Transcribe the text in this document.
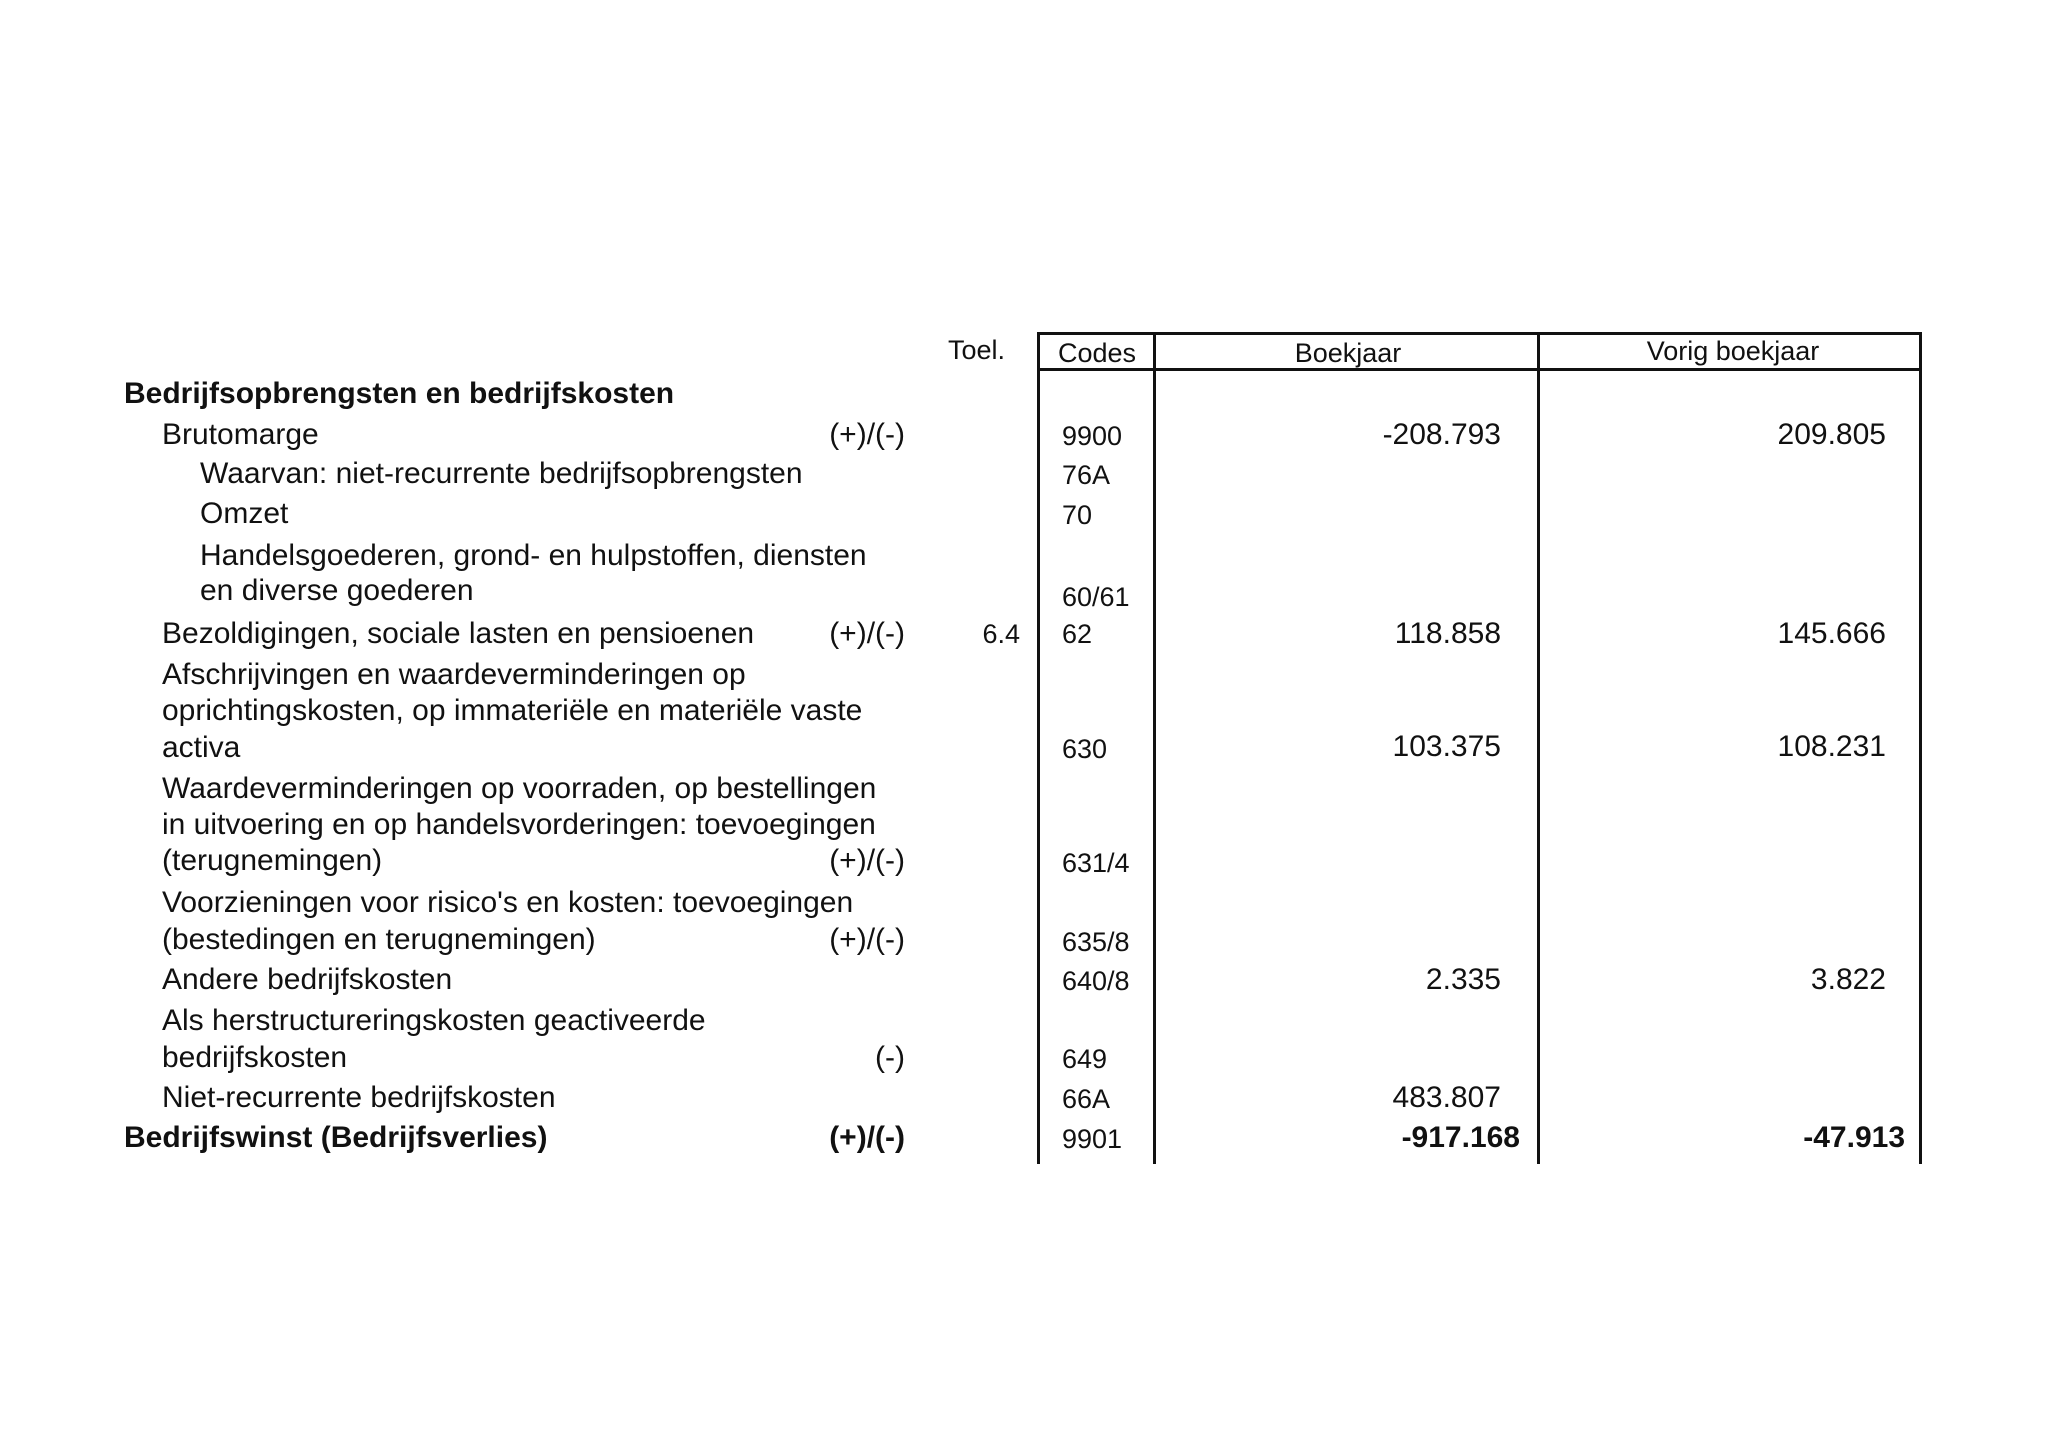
Toel.	Codes	Boekjaar	Vorig boekjaar
Bedrijfsopbrengsten en bedrijfskosten
Brutomarge	(+)/(-)	9900	-208.793	209.805
Waarvan: niet-recurrente bedrijfsopbrengsten	76A
Omzet	70
Handelsgoederen, grond- en hulpstoffen, diensten
en diverse goederen	60/61
Bezoldigingen, sociale lasten en pensioenen	(+)/(-)	6.4 62	118.858	145.666
Afschrijvingen en waardeverminderingen op
oprichtingskosten, op immateriële en materiële vaste
activa	630	103.375	108.231
Waardeverminderingen op voorraden, op bestellingen
in uitvoering en op handelsvorderingen: toevoegingen
(terugnemingen)	(+)/(-)	631/4
Voorzieningen voor risico's en kosten: toevoegingen
(bestedingen en terugnemingen)	(+)/(-)	635/8
Andere bedrijfskosten	640/8	2.335	3.822
Als herstructureringskosten geactiveerde
bedrijfskosten	(-)	649
Niet-recurrente bedrijfskosten	66A	483.807
Bedrijfswinst (Bedrijfsverlies)	(+)/(-)	9901	-917.168	-47.913
